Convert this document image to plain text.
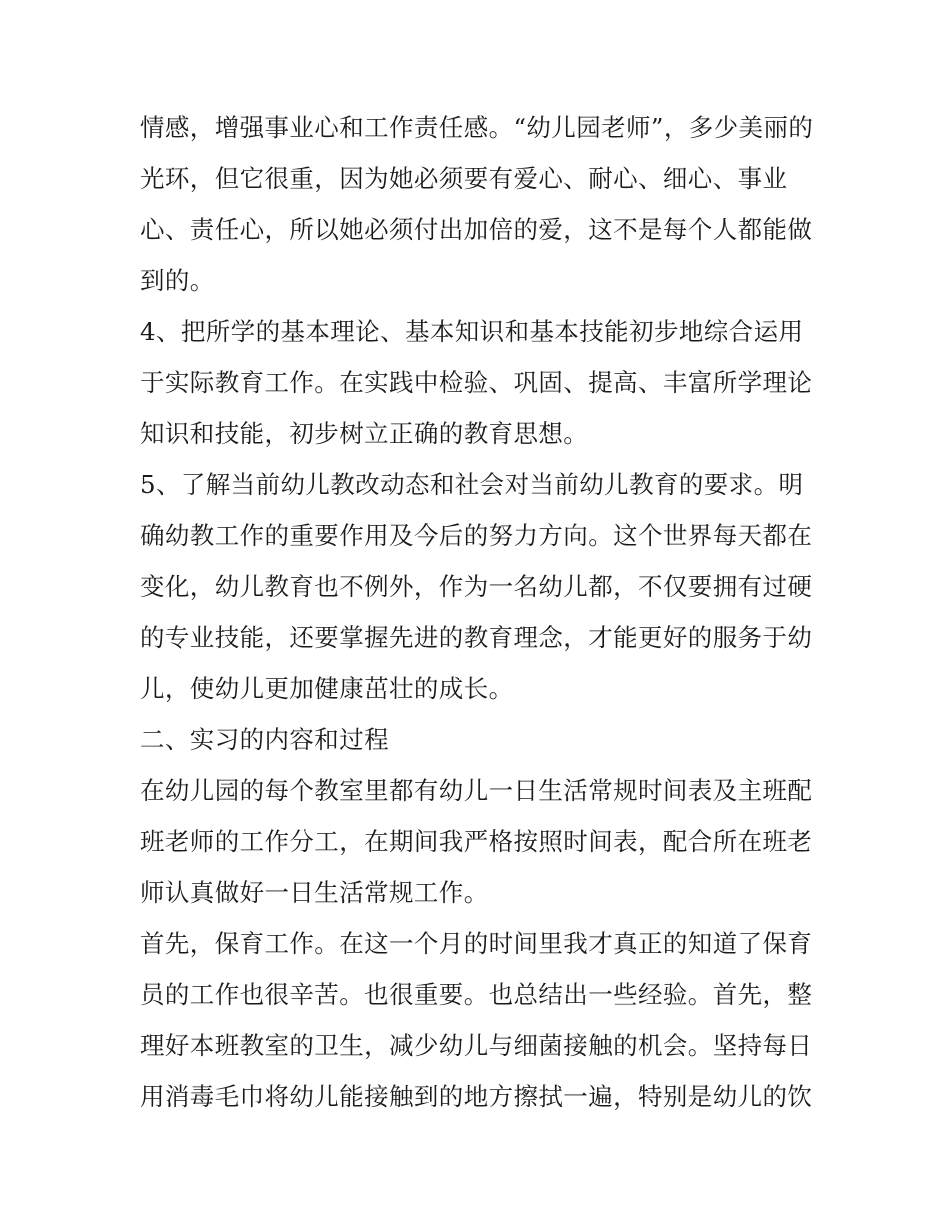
情感，增强事业心和工作责任感。“幼儿园老师”，多少美丽的

光环，但它很重，因为她必须要有爱心、耐心、细心、事业

心、责任心，所以她必须付出加倍的爱，这不是每个人都能做

到的。

4、把所学的基本理论、基本知识和基本技能初步地综合运用

于实际教育工作。在实践中检验、巩固、提高、丰富所学理论

知识和技能，初步树立正确的教育思想。

5、了解当前幼儿教改动态和社会对当前幼儿教育的要求。明

确幼教工作的重要作用及今后的努力方向。这个世界每天都在

变化，幼儿教育也不例外，作为一名幼儿都，不仅要拥有过硬

的专业技能，还要掌握先进的教育理念，才能更好的服务于幼

儿，使幼儿更加健康茁壮的成长。

二、实习的内容和过程

在幼儿园的每个教室里都有幼儿一日生活常规时间表及主班配

班老师的工作分工，在期间我严格按照时间表，配合所在班老

师认真做好一日生活常规工作。

首先，保育工作。在这一个月的时间里我才真正的知道了保育

员的工作也很辛苦。也很重要。也总结出一些经验。首先，整

理好本班教室的卫生，减少幼儿与细菌接触的机会。坚持每日

用消毒毛巾将幼儿能接触到的地方擦拭一遍，特别是幼儿的饮
